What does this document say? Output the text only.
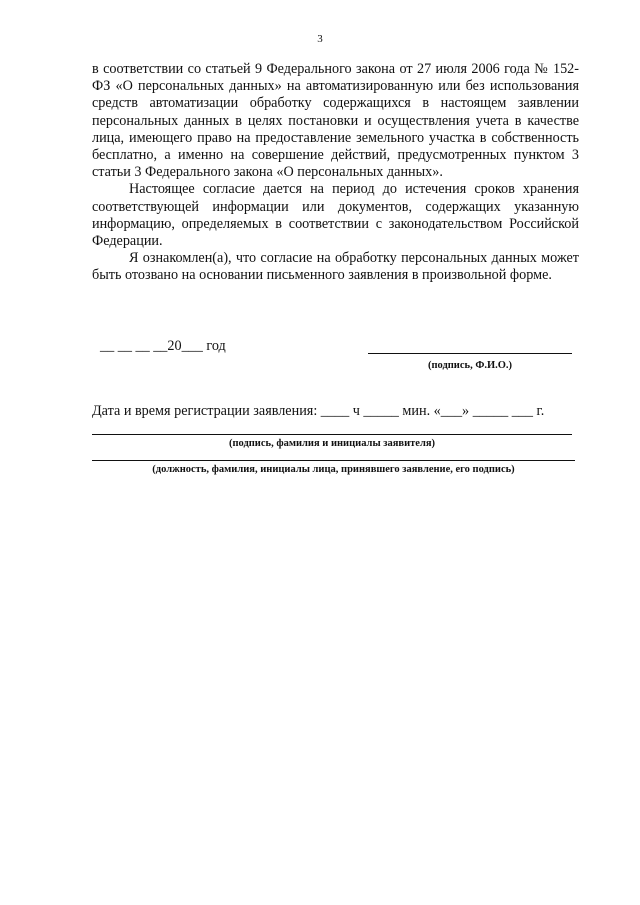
3

в соответствии со статьей 9 Федерального закона от 27 июля 2006 года № 152-ФЗ «О персональных данных» на автоматизированную или без использования средств автоматизации обработку содержащихся в настоящем заявлении персональных данных в целях постановки и осуществления учета в качестве лица, имеющего право на предоставление земельного участка в собственность бесплатно, а именно на совершение действий, предусмотренных пунктом 3 статьи 3 Федерального закона «О персональных данных».

Настоящее согласие дается на период до истечения сроков хранения соответствующей информации или документов, содержащих указанную информацию, определяемых в соответствии с законодательством Российской Федерации.

Я ознакомлен(а), что согласие на обработку персональных данных может быть отозвано на основании письменного заявления в произвольной форме.

__ __ __ __20___ год
(подпись, Ф.И.О.)
Дата и время регистрации заявления: ____ ч _____ мин. «___» _____ ___ г.
(подпись, фамилия и инициалы заявителя)
(должность, фамилия, инициалы лица, принявшего заявление, его подпись)
